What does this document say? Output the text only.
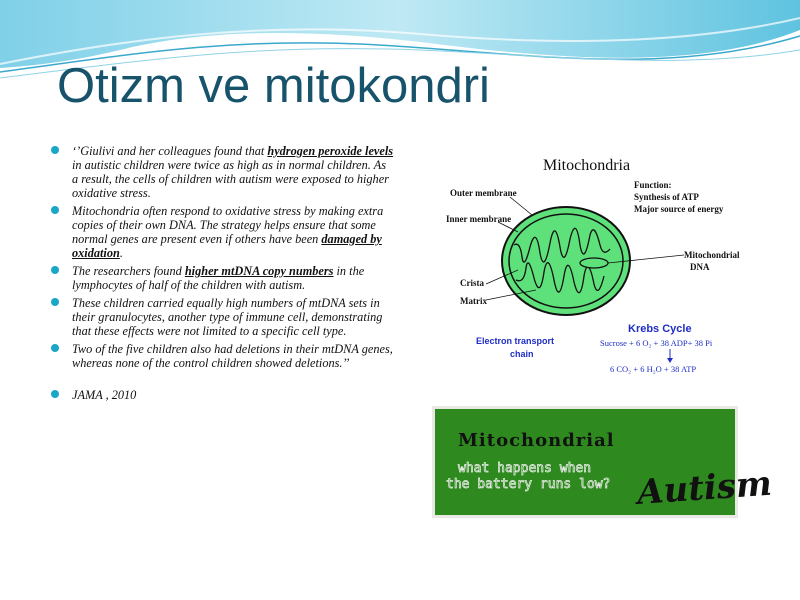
Otizm ve mitokondri
‘’Giulivi and her colleagues found that hydrogen peroxide levels in autistic children were twice as high as in normal children. As a result, the cells of children with autism were exposed to higher oxidative stress.
Mitochondria often respond to oxidative stress by making extra copies of their own DNA. The strategy helps ensure that some normal genes are present even if others have been damaged by oxidation.
The researchers found higher mtDNA copy numbers in the lymphocytes of half of the children with autism.
These children carried equally high numbers of mtDNA sets in their granulocytes, another type of immune cell, demonstrating that these effects were not limited to a specific cell type.
Two of the five children also had deletions in their mtDNA genes, whereas none of the control children showed deletions.’’
JAMA , 2010
Mitochondria
Outer membrane
Inner membrane
Function:
Synthesis of ATP
Major source of energy
Mitochondrial
DNA
Crista
Matrix
Krebs Cycle
Electron transport
chain
Sucrose + 6 O₂ + 38 ADP+ 38 Pi
6 CO₂ + 6 H₂O + 38 ATP
Mitochondrial
what happens when
the battery runs low? Autism
